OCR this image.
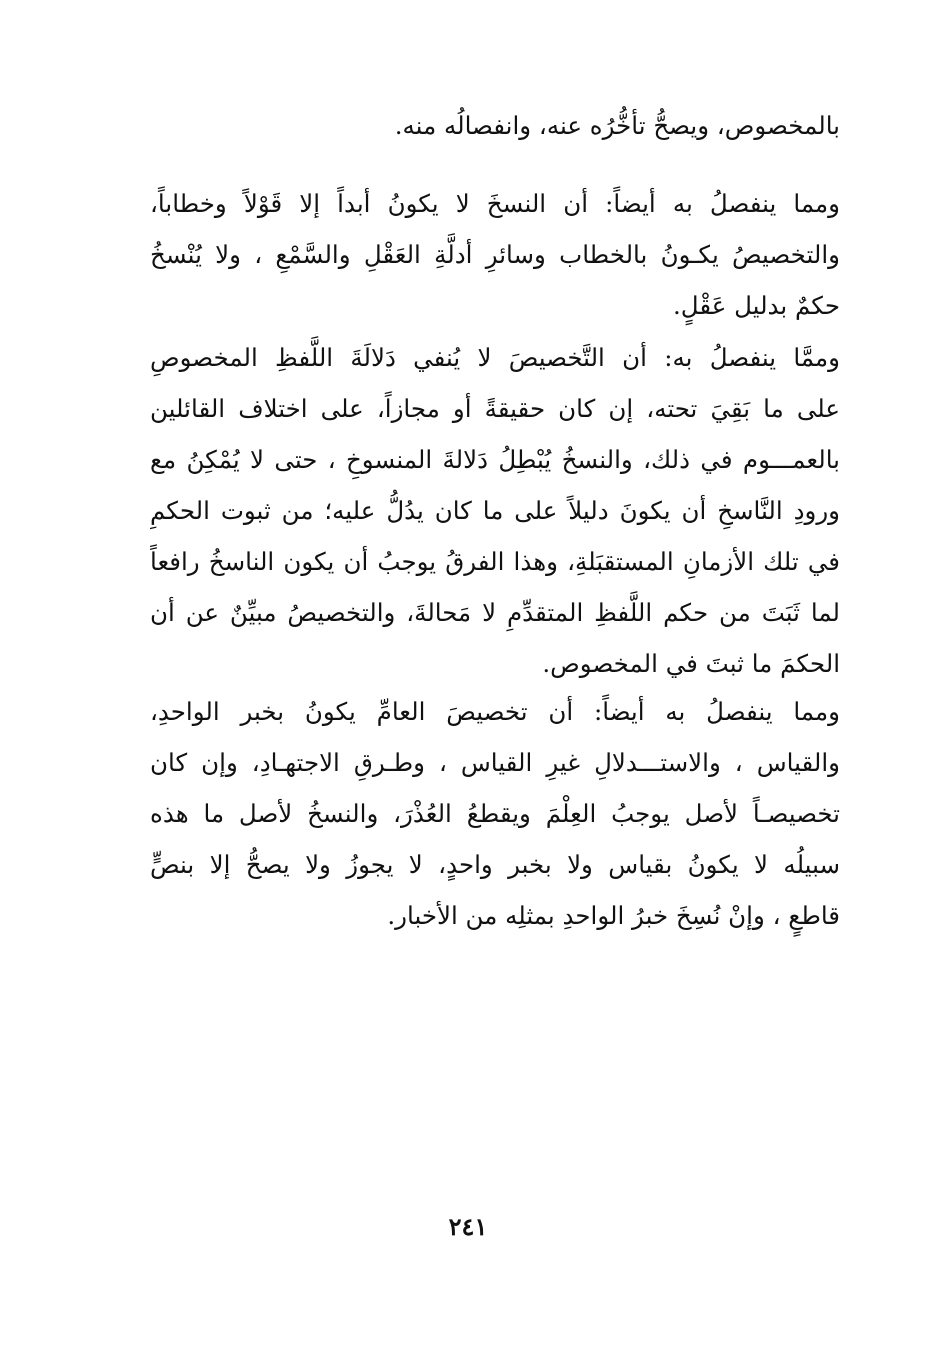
بالمخصوص، ويصحُّ تأخُّرُه عنه، وانفصالُه منه.
ومما ينفصلُ به أيضاً: أن النسخَ لا يكونُ أبداً إلا قَوْلاً وخطاباً،
والتخصيصُ يكـونُ بالخطاب وسائرِ أدلَّةِ العَقْلِ والسَّمْعِ ، ولا يُنْسخُ
حكمٌ بدليل عَقْلٍ.
وممَّا ينفصلُ به: أن التَّخصيصَ لا يُنفي دَلالَةَ اللَّفظِ المخصوصِ
على ما بَقِيَ تحته، إن كان حقيقةً أو مجازاً، على اختلاف القائلين
بالعمـــوم في ذلك، والنسخُ يُبْطِلُ دَلالةَ المنسوخِ ، حتى لا يُمْكِنُ مع
ورودِ النَّاسخِ أن يكونَ دليلاً على ما كان يدُلُّ عليه؛ من ثبوت الحكمِ
في تلك الأزمانِ المستقبَلةِ، وهذا الفرقُ يوجبُ أن يكون الناسخُ رافعاً
لما ثَبَتَ من حكم اللَّفظِ المتقدِّمِ لا مَحالةَ، والتخصيصُ مبيِّنٌ عن أن
الحكمَ ما ثبتَ في المخصوص.
ومما ينفصلُ به أيضاً: أن تخصيصَ العامِّ يكونُ بخبر الواحدِ،
والقياس ، والاستـــدلالِ غيرِ القياس ، وطـرقِ الاجتهـادِ، وإن كان
تخصيصـاً لأصل يوجبُ العِلْمَ ويقطعُ العُذْرَ، والنسخُ لأصل ما هذه
سبيلُه لا يكونُ بقياس ولا بخبر واحدٍ، لا يجوزُ ولا يصحُّ إلا بنصٍّ
قاطعٍ ، وإنْ نُسِخَ خبرُ الواحدِ بمثلِه من الأخبار.
٢٤١
